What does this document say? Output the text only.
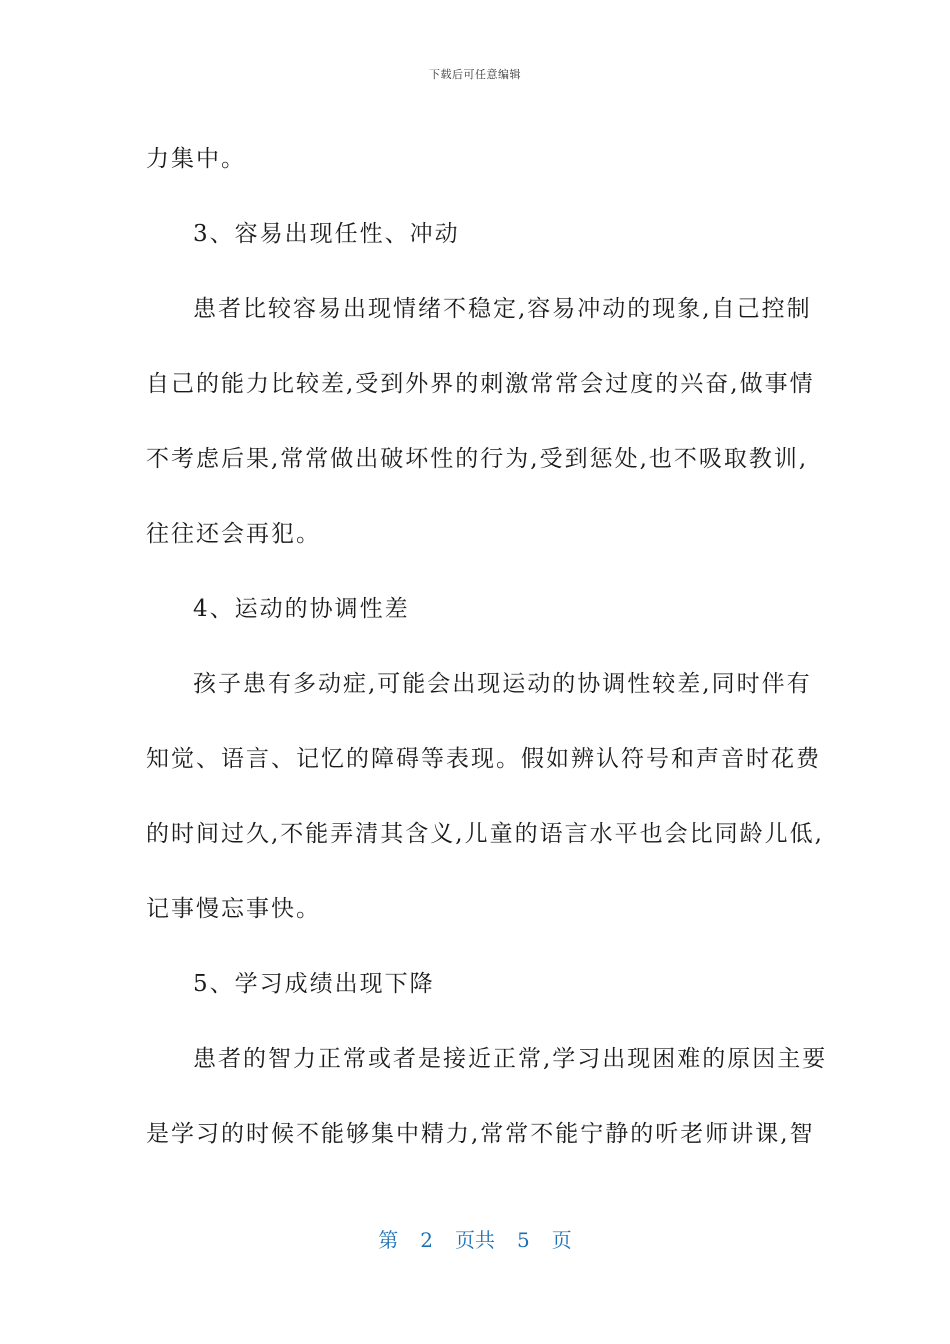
下载后可任意编辑
力集中。
3、容易出现任性、冲动
患者比较容易出现情绪不稳定,容易冲动的现象,自己控制
自己的能力比较差,受到外界的刺激常常会过度的兴奋,做事情
不考虑后果,常常做出破坏性的行为,受到惩处,也不吸取教训,
往往还会再犯。
4、运动的协调性差
孩子患有多动症,可能会出现运动的协调性较差,同时伴有
知觉、语言、记忆的障碍等表现。假如辨认符号和声音时花费
的时间过久,不能弄清其含义,儿童的语言水平也会比同龄儿低,
记事慢忘事快。
5、学习成绩出现下降
患者的智力正常或者是接近正常,学习出现困难的原因主要
是学习的时候不能够集中精力,常常不能宁静的听老师讲课,智
第 2 页共 5 页
